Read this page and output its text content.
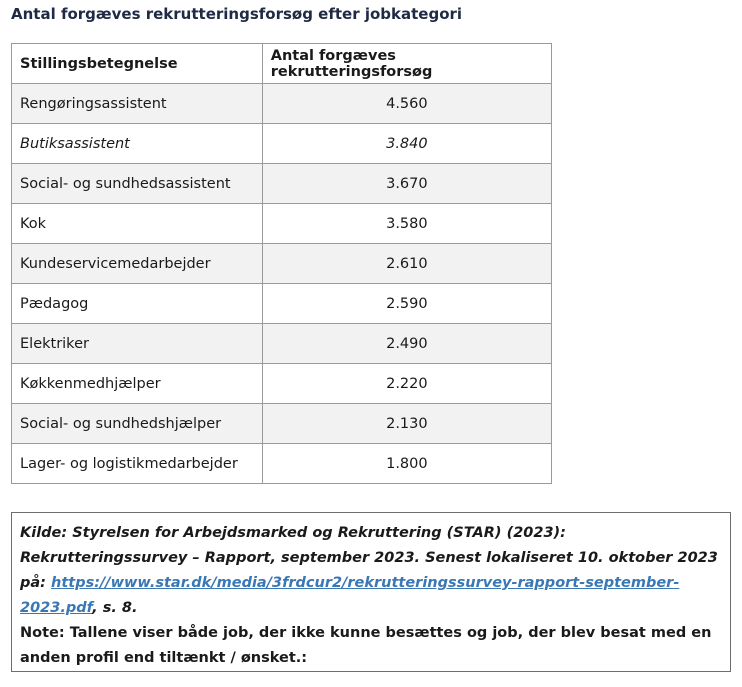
Antal forgæves rekrutteringsforsøg efter jobkategori
Stillingsbetegnelse	Antal forgæves rekrutteringsforsøg
Rengøringsassistent	4.560
Butiksassistent	3.840
Social- og sundhedsassistent	3.670
Kok	3.580
Kundeservicemedarbejder	2.610
Pædagog	2.590
Elektriker	2.490
Køkkenmedhjælper	2.220
Social- og sundhedshjælper	2.130
Lager- og logistikmedarbejder	1.800
Kilde: Styrelsen for Arbejdsmarked og Rekruttering (STAR) (2023): Rekrutteringssurvey – Rapport, september 2023. Senest lokaliseret 10. oktober 2023 på: https://www.star.dk/media/3frdcur2/rekrutteringssurvey-rapport-september-2023.pdf, s. 8.
Note: Tallene viser både job, der ikke kunne besættes og job, der blev besat med en anden profil end tiltænkt / ønsket.:
